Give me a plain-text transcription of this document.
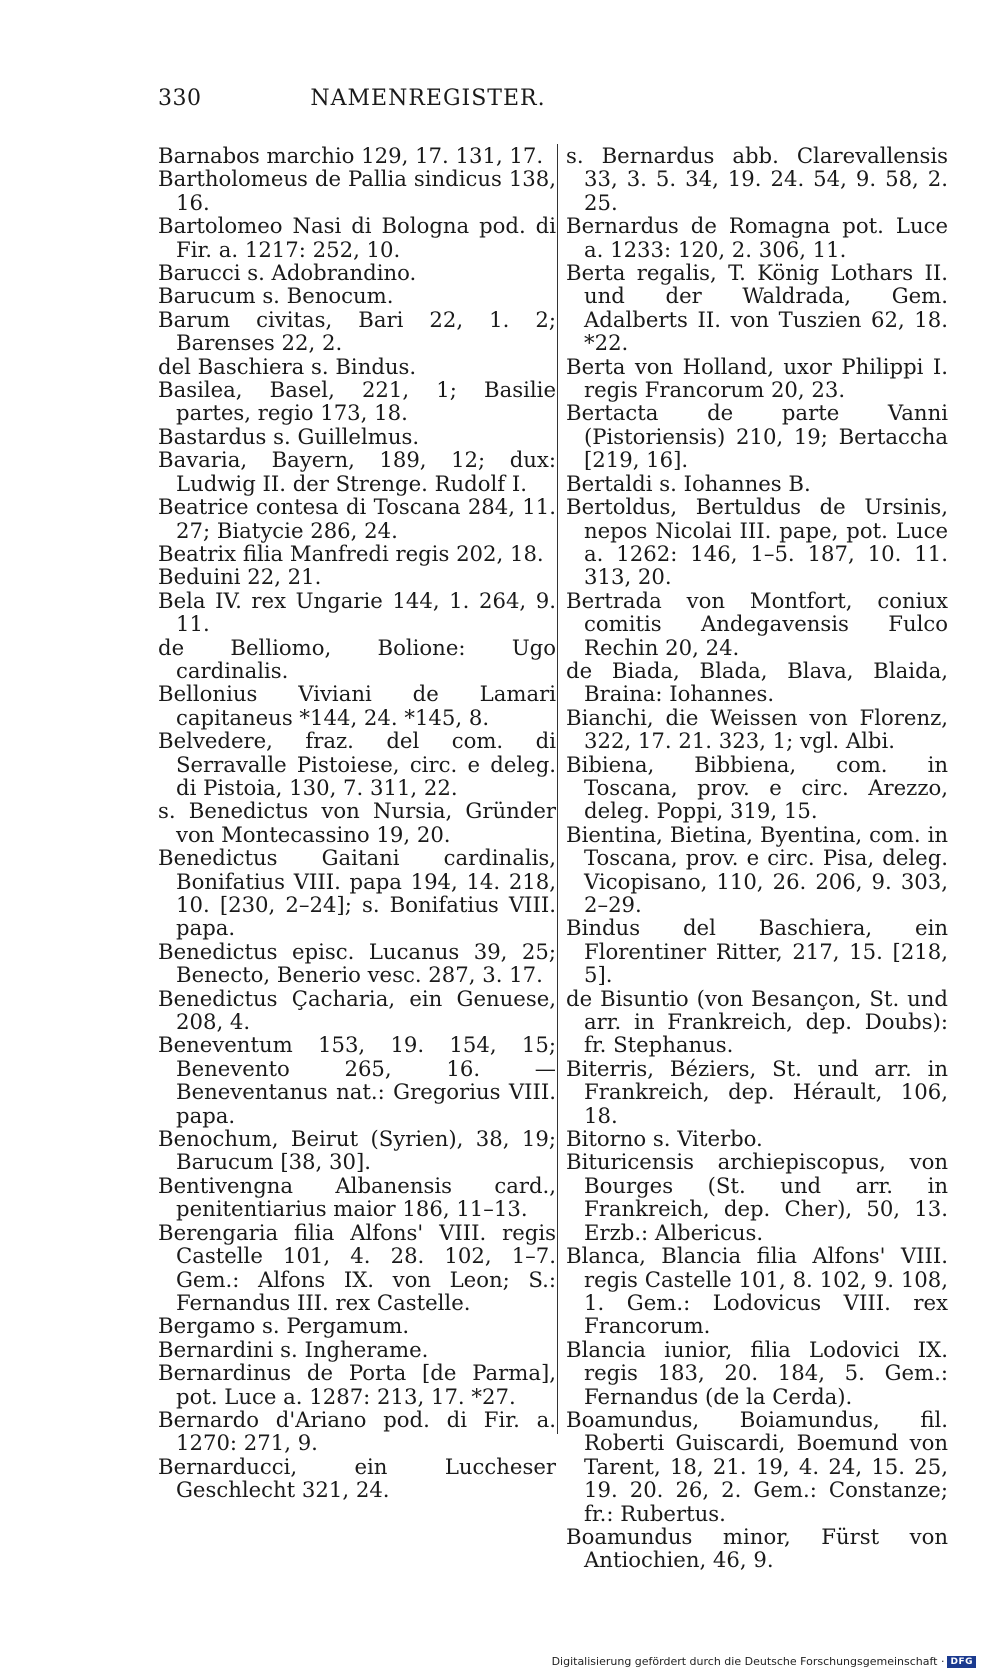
330	NAMENREGISTER.
Barnabos marchio 129, 17. 131, 17.
Bartholomeus de Pallia sindicus 138, 16.
Bartolomeo Nasi di Bologna pod. di Fir. a. 1217: 252, 10.
Barucci s. Adobrandino.
Barucum s. Benocum.
Barum civitas, Bari 22, 1. 2; Barenses 22, 2.
del Baschiera s. Bindus.
Basilea, Basel, 221, 1; Basilie partes, regio 173, 18.
Bastardus s. Guillelmus.
Bavaria, Bayern, 189, 12; dux: Ludwig II. der Strenge. Rudolf I.
Beatrice contesa di Toscana 284, 11. 27; Biatycie 286, 24.
Beatrix filia Manfredi regis 202, 18.
Beduini 22, 21.
Bela IV. rex Ungarie 144, 1. 264, 9. 11.
de Belliomo, Bolione: Ugo cardinalis.
Bellonius Viviani de Lamari capitaneus *144, 24. *145, 8.
Belvedere, fraz. del com. di Serravalle Pistoiese, circ. e deleg. di Pistoia, 130, 7. 311, 22.
s. Benedictus von Nursia, Gründer von Montecassino 19, 20.
Benedictus Gaitani cardinalis, Bonifatius VIII. papa 194, 14. 218, 10. [230, 2–24]; s. Bonifatius VIII. papa.
Benedictus episc. Lucanus 39, 25; Benecto, Benerio vesc. 287, 3. 17.
Benedictus Çacharia, ein Genuese, 208, 4.
Beneventum 153, 19. 154, 15; Benevento 265, 16. — Beneventanus nat.: Gregorius VIII. papa.
Benochum, Beirut (Syrien), 38, 19; Barucum [38, 30].
Bentivengna Albanensis card., penitentiarius maior 186, 11–13.
Berengaria filia Alfons' VIII. regis Castelle 101, 4. 28. 102, 1–7. Gem.: Alfons IX. von Leon; S.: Fernandus III. rex Castelle.
Bergamo s. Pergamum.
Bernardini s. Ingherame.
Bernardinus de Porta [de Parma], pot. Luce a. 1287: 213, 17. *27.
Bernardo d'Ariano pod. di Fir. a. 1270: 271, 9.
Bernarducci, ein Luccheser Geschlecht 321, 24.
s. Bernardus abb. Clarevallensis 33, 3. 5. 34, 19. 24. 54, 9. 58, 2. 25.
Bernardus de Romagna pot. Luce a. 1233: 120, 2. 306, 11.
Berta regalis, T. König Lothars II. und der Waldrada, Gem. Adalberts II. von Tuszien 62, 18. *22.
Berta von Holland, uxor Philippi I. regis Francorum 20, 23.
Bertacta de parte Vanni (Pistoriensis) 210, 19; Bertaccha [219, 16].
Bertaldi s. Iohannes B.
Bertoldus, Bertuldus de Ursinis, nepos Nicolai III. pape, pot. Luce a. 1262: 146, 1–5. 187, 10. 11. 313, 20.
Bertrada von Montfort, coniux comitis Andegavensis Fulco Rechin 20, 24.
de Biada, Blada, Blava, Blaida, Braina: Iohannes.
Bianchi, die Weissen von Florenz, 322, 17. 21. 323, 1; vgl. Albi.
Bibiena, Bibbiena, com. in Toscana, prov. e circ. Arezzo, deleg. Poppi, 319, 15.
Bientina, Bietina, Byentina, com. in Toscana, prov. e circ. Pisa, deleg. Vicopisano, 110, 26. 206, 9. 303, 2–29.
Bindus del Baschiera, ein Florentiner Ritter, 217, 15. [218, 5].
de Bisuntio (von Besançon, St. und arr. in Frankreich, dep. Doubs): fr. Stephanus.
Biterris, Béziers, St. und arr. in Frankreich, dep. Hérault, 106, 18.
Bitorno s. Viterbo.
Bituricensis archiepiscopus, von Bourges (St. und arr. in Frankreich, dep. Cher), 50, 13. Erzb.: Albericus.
Blanca, Blancia filia Alfons' VIII. regis Castelle 101, 8. 102, 9. 108, 1. Gem.: Lodovicus VIII. rex Francorum.
Blancia iunior, filia Lodovici IX. regis 183, 20. 184, 5. Gem.: Fernandus (de la Cerda).
Boamundus, Boiamundus, fil. Roberti Guiscardi, Boemund von Tarent, 18, 21. 19, 4. 24, 15. 25, 19. 20. 26, 2. Gem.: Constanze; fr.: Rubertus.
Boamundus minor, Fürst von Antiochien, 46, 9.
Digitalisierung gefördert durch die Deutsche Forschungsgemeinschaft · DFG
